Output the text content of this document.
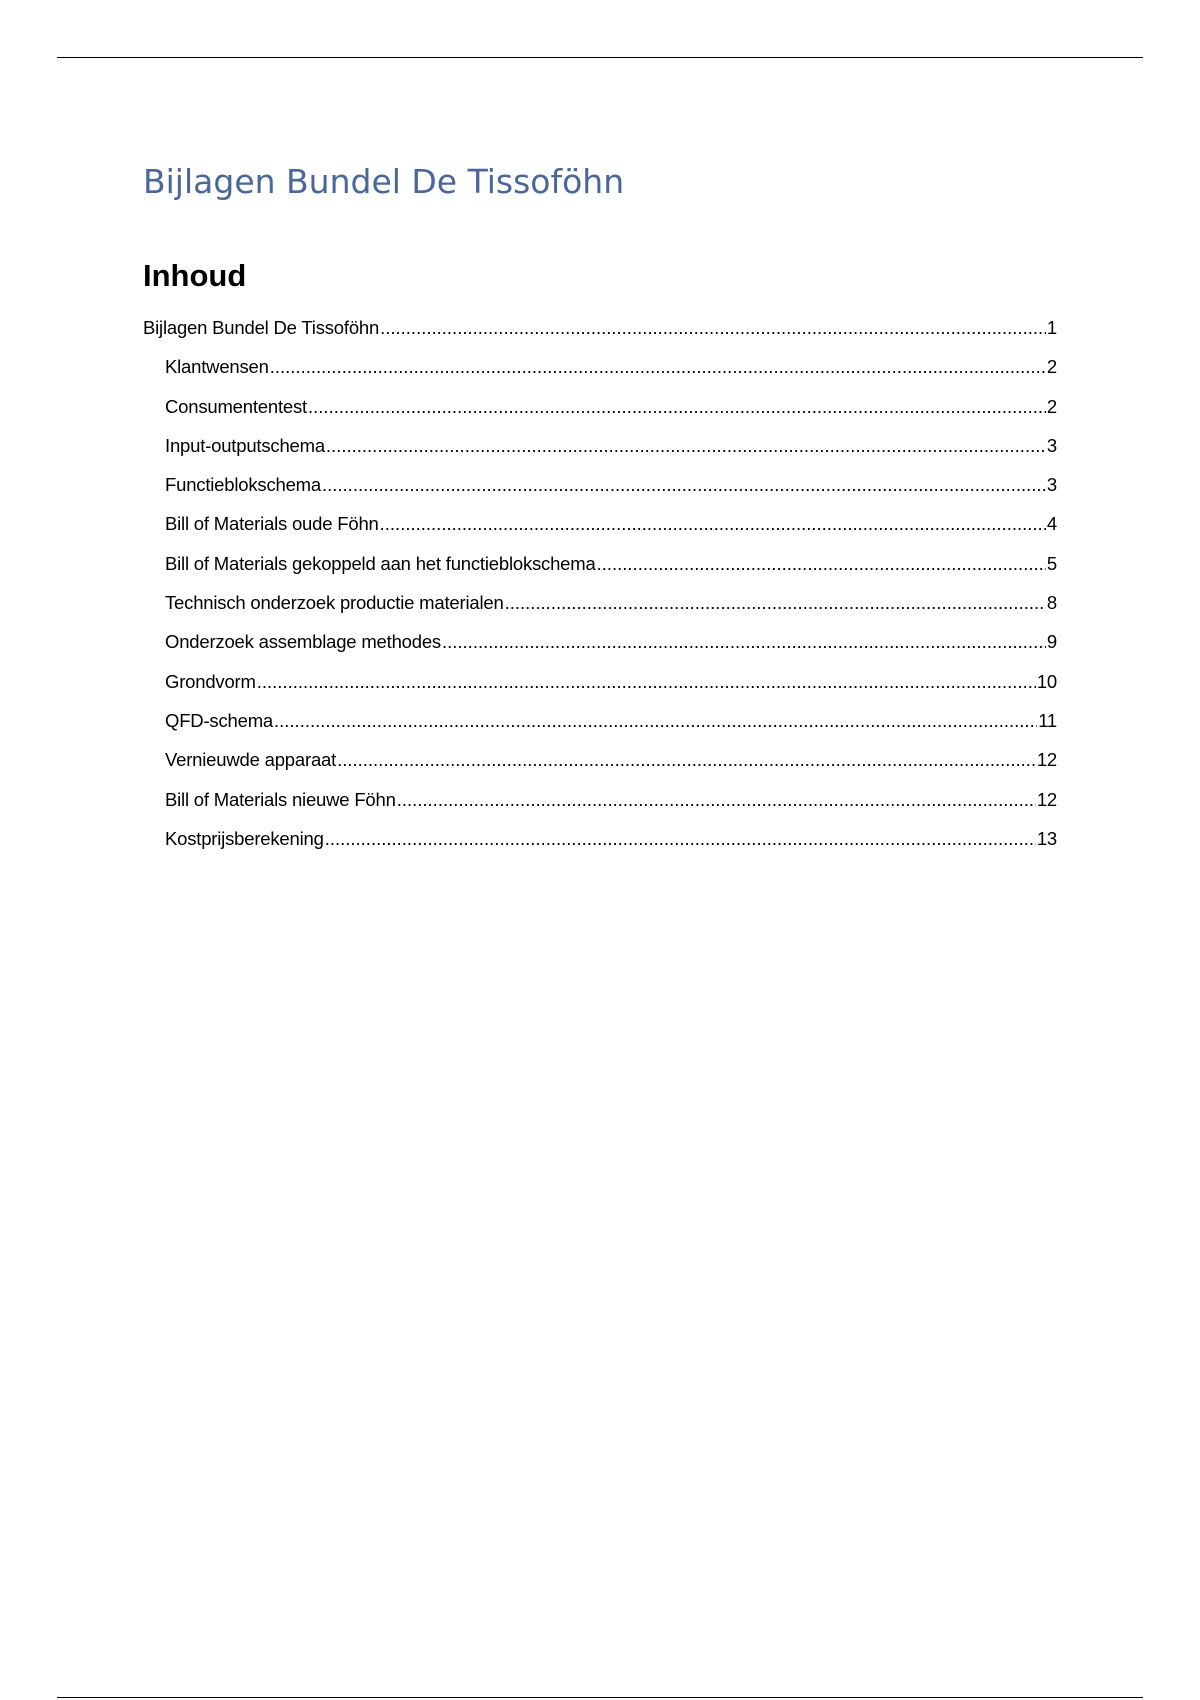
Bijlagen Bundel De Tissoföhn
Inhoud
Bijlagen Bundel De Tissoföhn .....	1
Klantwensen .....	2
Consumententest .....	2
Input-outputschema .....	3
Functieblokschema .....	3
Bill of Materials oude Föhn .....	4
Bill of Materials gekoppeld aan het functieblokschema .....	5
Technisch onderzoek productie materialen .....	8
Onderzoek assemblage methodes .....	9
Grondvorm .....	10
QFD-schema .....	11
Vernieuwde apparaat .....	12
Bill of Materials nieuwe Föhn .....	12
Kostprijsberekening .....	13
